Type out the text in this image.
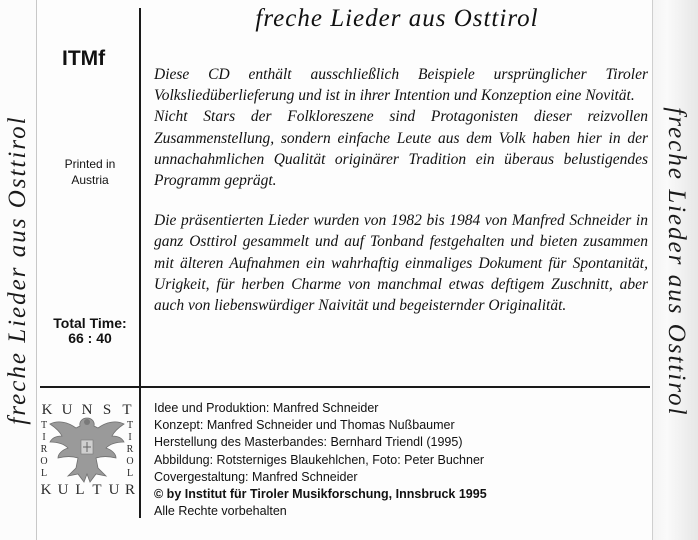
freche Lieder aus Osttirol	freche Lieder aus Osttirol
ITMf
Printed in
Austria
Total Time:
66 : 40
freche Lieder aus Osttirol

Diese CD enthält ausschließlich Beispiele ursprünglicher Tiroler Volksliedüberlieferung und ist in ihrer Intention und Konzeption eine Novität.

Nicht Stars der Folkloreszene sind Protagonisten dieser reizvollen Zusammenstellung, sondern einfache Leute aus dem Volk haben hier in der unnachahmlichen Qualität originärer Tradition ein überaus belustigendes Programm geprägt.

Die präsentierten Lieder wurden von 1982 bis 1984 von Manfred Schneider in ganz Osttirol gesammelt und auf Tonband festgehalten und bieten zusammen mit älteren Aufnahmen ein wahrhaftig einmaliges Dokument für Spontanität, Urigkeit, für herben Charme von manchmal etwas deftigem Zuschnitt, aber auch von liebenswürdiger Naivität und begeisternder Originalität.

K U N S T
K U L T U R
T
I
R
O
L
T
I
R
O
L
Idee und Produktion: Manfred Schneider
Konzept: Manfred Schneider und Thomas Nußbaumer
Herstellung des Masterbandes: Bernhard Triendl (1995)
Abbildung: Rotsterniges Blaukehlchen, Foto: Peter Buchner
Covergestaltung: Manfred Schneider
© by Institut für Tiroler Musikforschung, Innsbruck 1995
Alle Rechte vorbehalten
